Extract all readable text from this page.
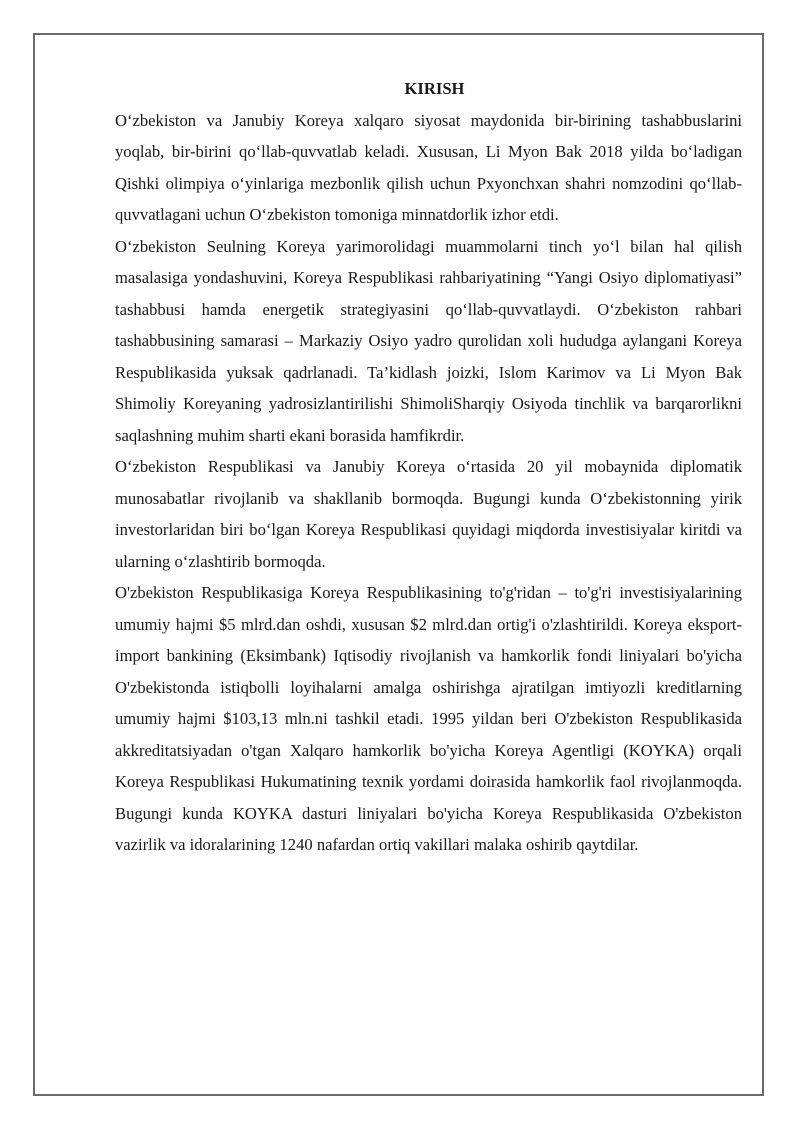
KIRISH

O‘zbekiston va Janubiy Koreya xalqaro siyosat maydonida bir-birining tashabbuslarini yoqlab, bir-birini qo‘llab-quvvatlab keladi. Xususan, Li Myon Bak 2018 yilda bo‘ladigan Qishki olimpiya o‘yinlariga mezbonlik qilish uchun Pxyonchxan shahri nomzodini qo‘llab-quvvatlagani uchun O‘zbekiston tomoniga minnatdorlik izhor etdi.

O‘zbekiston Seulning Koreya yarimorolidagi muammolarni tinch yo‘l bilan hal qilish masalasiga yondashuvini, Koreya Respublikasi rahbariyatining “Yangi Osiyo diplomatiyasi” tashabbusi hamda energetik strategiyasini qo‘llab-quvvatlaydi. O‘zbekiston rahbari tashabbusining samarasi – Markaziy Osiyo yadro qurolidan xoli hududga aylangani Koreya Respublikasida yuksak qadrlanadi. Ta’kidlash joizki, Islom Karimov va Li Myon Bak Shimoliy Koreyaning yadrosizlantirilishi ShimoliSharqiy Osiyoda tinchlik va barqarorlikni saqlashning muhim sharti ekani borasida hamfikrdir.

O‘zbekiston Respublikasi va Janubiy Koreya o‘rtasida 20 yil mobaynida diplomatik munosabatlar rivojlanib va shakllanib bormoqda. Bugungi kunda O‘zbekistonning yirik investorlaridan biri bo‘lgan Koreya Respublikasi quyidagi miqdorda investisiyalar kiritdi va ularning o‘zlashtirib bormoqda.

O'zbekiston Respublikasiga Koreya Respublikasining to'g'ridan – to'g'ri investisiyalarining umumiy hajmi $5 mlrd.dan oshdi, xususan $2 mlrd.dan ortig'i o'zlashtirildi. Koreya eksport-import bankining (Eksimbank) Iqtisodiy rivojlanish va hamkorlik fondi liniyalari bo'yicha O'zbekistonda istiqbolli loyihalarni amalga oshirishga ajratilgan imtiyozli kreditlarning umumiy hajmi $103,13 mln.ni tashkil etadi. 1995 yildan beri O'zbekiston Respublikasida akkreditatsiyadan o'tgan Xalqaro hamkorlik bo'yicha Koreya Agentligi (KOYKA) orqali Koreya Respublikasi Hukumatining texnik yordami doirasida hamkorlik faol rivojlanmoqda. Bugungi kunda KOYKA dasturi liniyalari bo'yicha Koreya Respublikasida O'zbekiston vazirlik va idoralarining 1240 nafardan ortiq vakillari malaka oshirib qaytdilar.
